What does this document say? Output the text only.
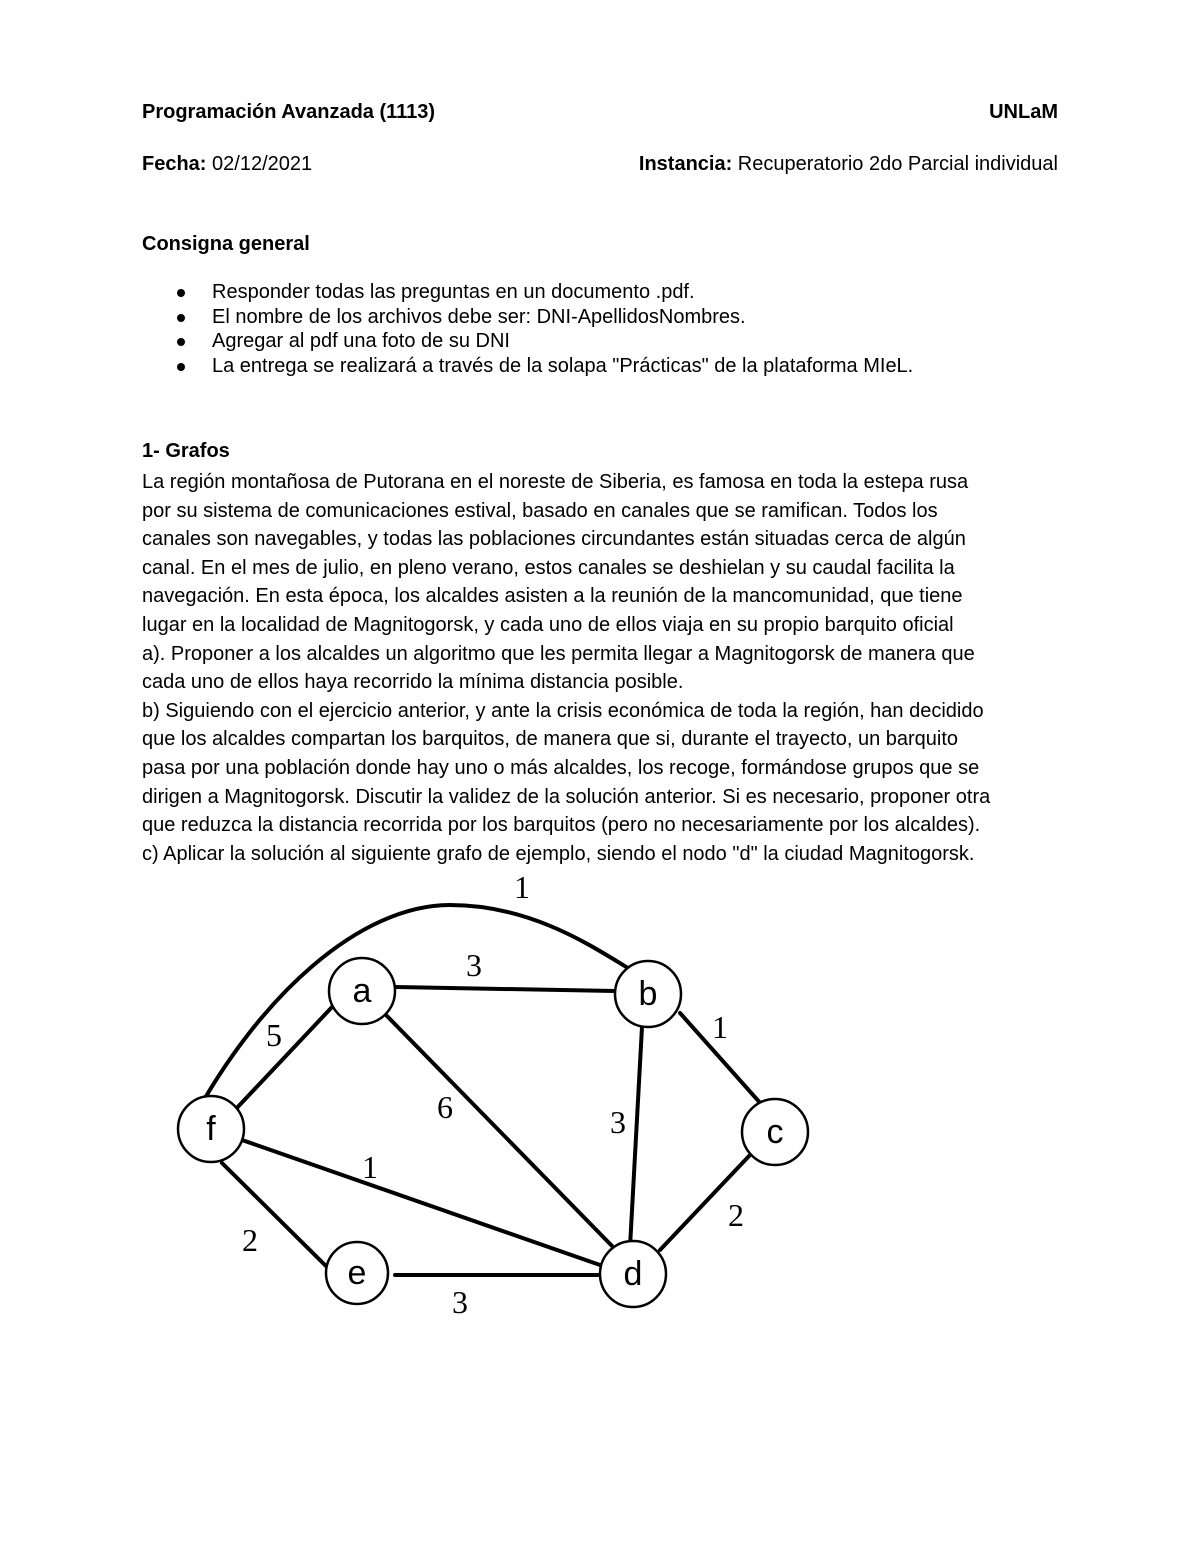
Programación Avanzada (1113)	UNLaM
Fecha: 02/12/2021	Instancia: Recuperatorio 2do Parcial individual
Consigna general
Responder todas las preguntas en un documento .pdf.
El nombre de los archivos debe ser: DNI-ApellidosNombres.
Agregar al pdf una foto de su DNI
La entrega se realizará a través de la solapa "Prácticas" de la plataforma MIeL.
1- Grafos

La región montañosa de Putorana en el noreste de Siberia, es famosa en toda la estepa rusa

por su sistema de comunicaciones estival, basado en canales que se ramifican. Todos los

canales son navegables, y todas las poblaciones circundantes están situadas cerca de algún

canal. En el mes de julio, en pleno verano, estos canales se deshielan y su caudal facilita la

navegación. En esta época, los alcaldes asisten a la reunión de la mancomunidad, que tiene

lugar en la localidad de Magnitogorsk, y cada uno de ellos viaja en su propio barquito oficial

a). Proponer a los alcaldes un algoritmo que les permita llegar a Magnitogorsk de manera que

cada uno de ellos haya recorrido la mínima distancia posible.

b) Siguiendo con el ejercicio anterior, y ante la crisis económica de toda la región, han decidido

que los alcaldes compartan los barquitos, de manera que si, durante el trayecto, un barquito

pasa por una población donde hay uno o más alcaldes, los recoge, formándose grupos que se

dirigen a Magnitogorsk. Discutir la validez de la solución anterior. Si es necesario, proponer otra

que reduzca la distancia recorrida por los barquitos (pero no necesariamente por los alcaldes).

c) Aplicar la solución al siguiente grafo de ejemplo, siendo el nodo "d" la ciudad Magnitogorsk.

1
3
5	1
6	3
1
2
2
3
a	b
c
d
e
f
